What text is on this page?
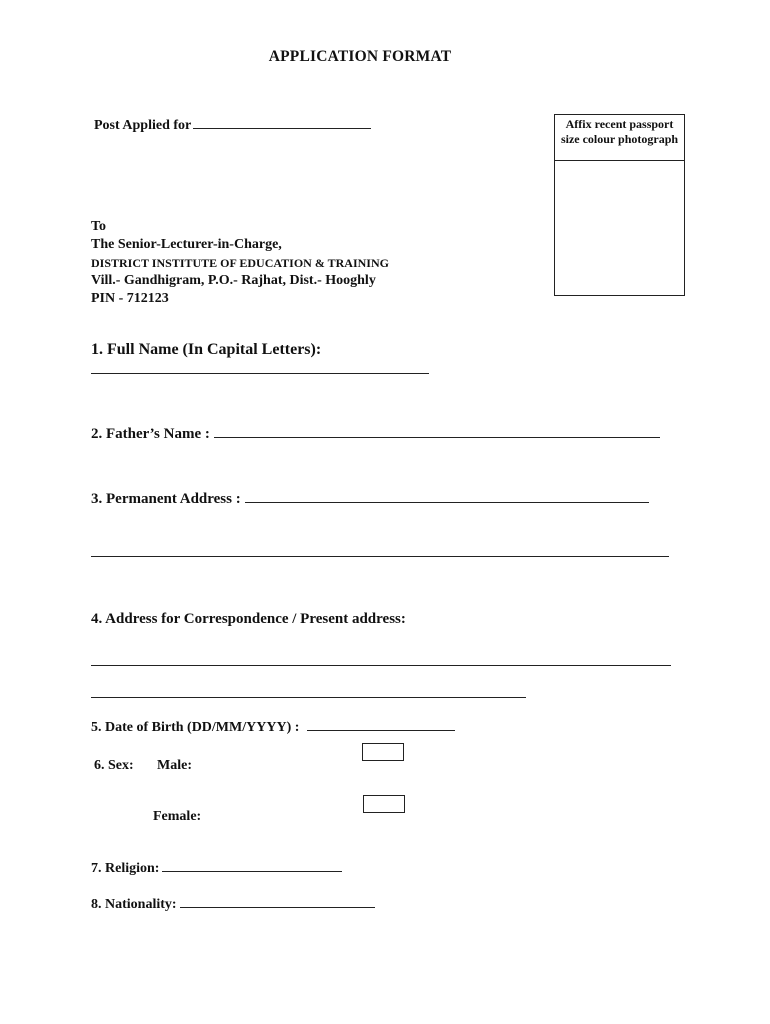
APPLICATION FORMAT
Post Applied for	Affix recent passport size colour photograph
To
The Senior-Lecturer-in-Charge,
DISTRICT INSTITUTE OF EDUCATION & TRAINING
Vill.- Gandhigram, P.O.- Rajhat, Dist.- Hooghly
PIN - 712123
1. Full Name (In Capital Letters):
2. Father’s Name :
3. Permanent Address :
4. Address for Correspondence / Present address:
5. Date of Birth (DD/MM/YYYY) :
6. Sex: Male:
Female:
7. Religion:
8. Nationality:
